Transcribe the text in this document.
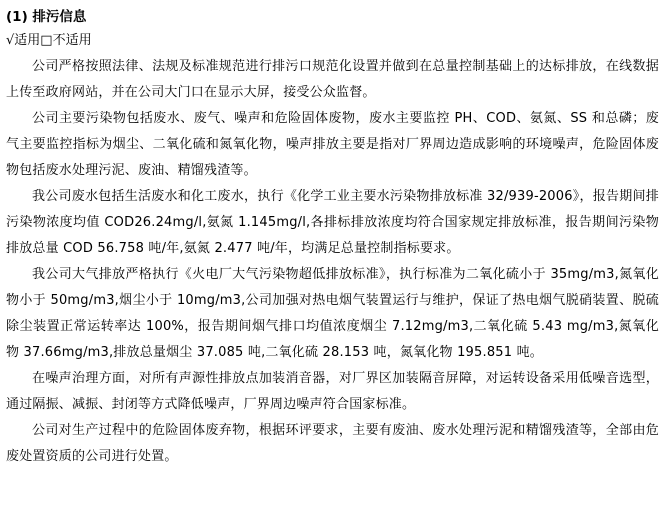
(1) 排污信息
√适用□不适用

公司严格按照法律、法规及标准规范进行排污口规范化设置并做到在总量控制基础上的达标排放，在线数据上传至政府网站，并在公司大门口在显示大屏，接受公众监督。

公司主要污染物包括废水、废气、噪声和危险固体废物，废水主要监控 PH、COD、氨氮、SS 和总磷；废气主要监控指标为烟尘、二氧化硫和氮氧化物，噪声排放主要是指对厂界周边造成影响的环境噪声，危险固体废物包括废水处理污泥、废油、精馏残渣等。

我公司废水包括生活废水和化工废水，执行《化学工业主要水污染物排放标准 32/939-2006》，报告期间排污染物浓度均值 COD26.24mg/l,氨氮 1.145mg/l,各排标排放浓度均符合国家规定排放标准，报告期间污染物排放总量 COD 56.758 吨/年,氨氮 2.477 吨/年，均满足总量控制指标要求。

我公司大气排放严格执行《火电厂大气污染物超低排放标准》，执行标准为二氧化硫小于 35mg/m3,氮氧化物小于 50mg/m3,烟尘小于 10mg/m3,公司加强对热电烟气装置运行与维护，保证了热电烟气脱硝装置、脱硫除尘装置正常运转率达 100%，报告期间烟气排口均值浓度烟尘 7.12mg/m3,二氧化硫 5.43 mg/m3,氮氧化物 37.66mg/m3,排放总量烟尘 37.085 吨,二氧化硫 28.153 吨，氮氧化物 195.851 吨。

在噪声治理方面，对所有声源性排放点加装消音器，对厂界区加装隔音屏障，对运转设备采用低噪音选型，通过隔振、减振、封闭等方式降低噪声，厂界周边噪声符合国家标准。

公司对生产过程中的危险固体废弃物，根据环评要求，主要有废油、废水处理污泥和精馏残渣等，全部由危废处置资质的公司进行处置。
